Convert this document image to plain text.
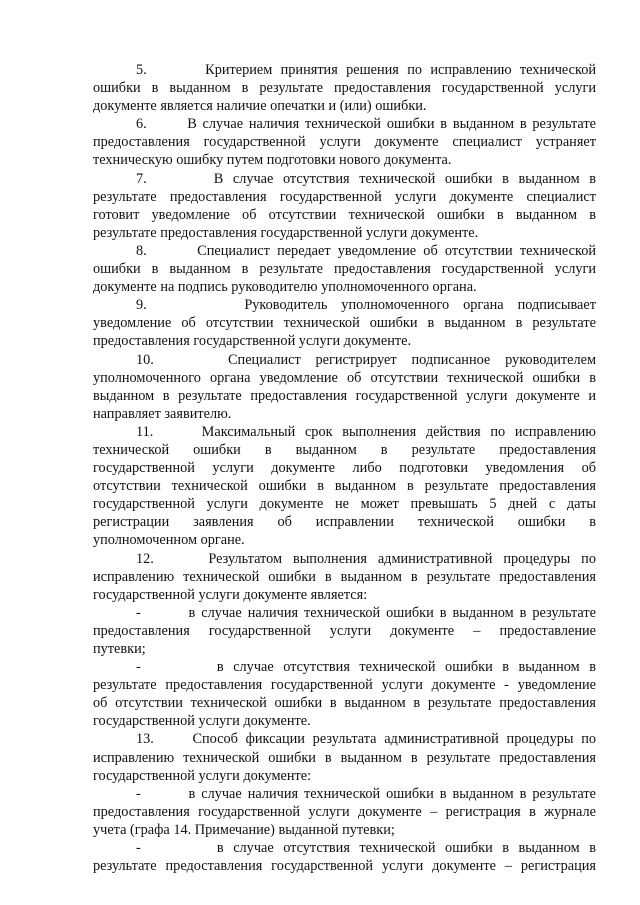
5.       Критерием принятия решения по исправлению технической
ошибки в выданном в результате предоставления государственной услуги
документе является наличие опечатки и (или) ошибки.
6.       В случае наличия технической ошибки в выданном в результате
предоставления государственной услуги документе специалист устраняет
техническую ошибку путем подготовки нового документа.
7.       В случае отсутствия технической ошибки в выданном в
результате предоставления государственной услуги документе специалист
готовит уведомление об отсутствии технической ошибки в выданном в
результате предоставления государственной услуги документе.
8.       Специалист передает уведомление об отсутствии технической
ошибки в выданном в результате предоставления государственной услуги
документе на подпись руководителю уполномоченного органа.
9.       Руководитель уполномоченного органа подписывает
уведомление об отсутствии технической ошибки в выданном в результате
предоставления государственной услуги документе.
10.     Специалист регистрирует подписанное руководителем
уполномоченного органа уведомление об отсутствии технической ошибки в
выданном в результате предоставления государственной услуги документе и
направляет заявителю.
11.     Максимальный срок выполнения действия по исправлению
технической ошибки в выданном в результате предоставления
государственной услуги документе либо подготовки уведомления об
отсутствии технической ошибки в выданном в результате предоставления
государственной услуги документе не может превышать 5 дней с даты
регистрации заявления об исправлении технической ошибки в
уполномоченном органе.
12.     Результатом выполнения административной процедуры по
исправлению технической ошибки в выданном в результате предоставления
государственной услуги документе является:
-        в случае наличия технической ошибки в выданном в результате
предоставления государственной услуги документе – предоставление
путевки;
-        в случае отсутствия технической ошибки в выданном в
результате предоставления государственной услуги документе - уведомление
об отсутствии технической ошибки в выданном в результате предоставления
государственной услуги документе.
13.     Способ фиксации результата административной процедуры по
исправлению технической ошибки в выданном в результате предоставления
государственной услуги документе:
-        в случае наличия технической ошибки в выданном в результате
предоставления государственной услуги документе – регистрация в журнале
учета (графа 14. Примечание) выданной путевки;
-        в случае отсутствия технической ошибки в выданном в
результате предоставления государственной услуги документе – регистрация
